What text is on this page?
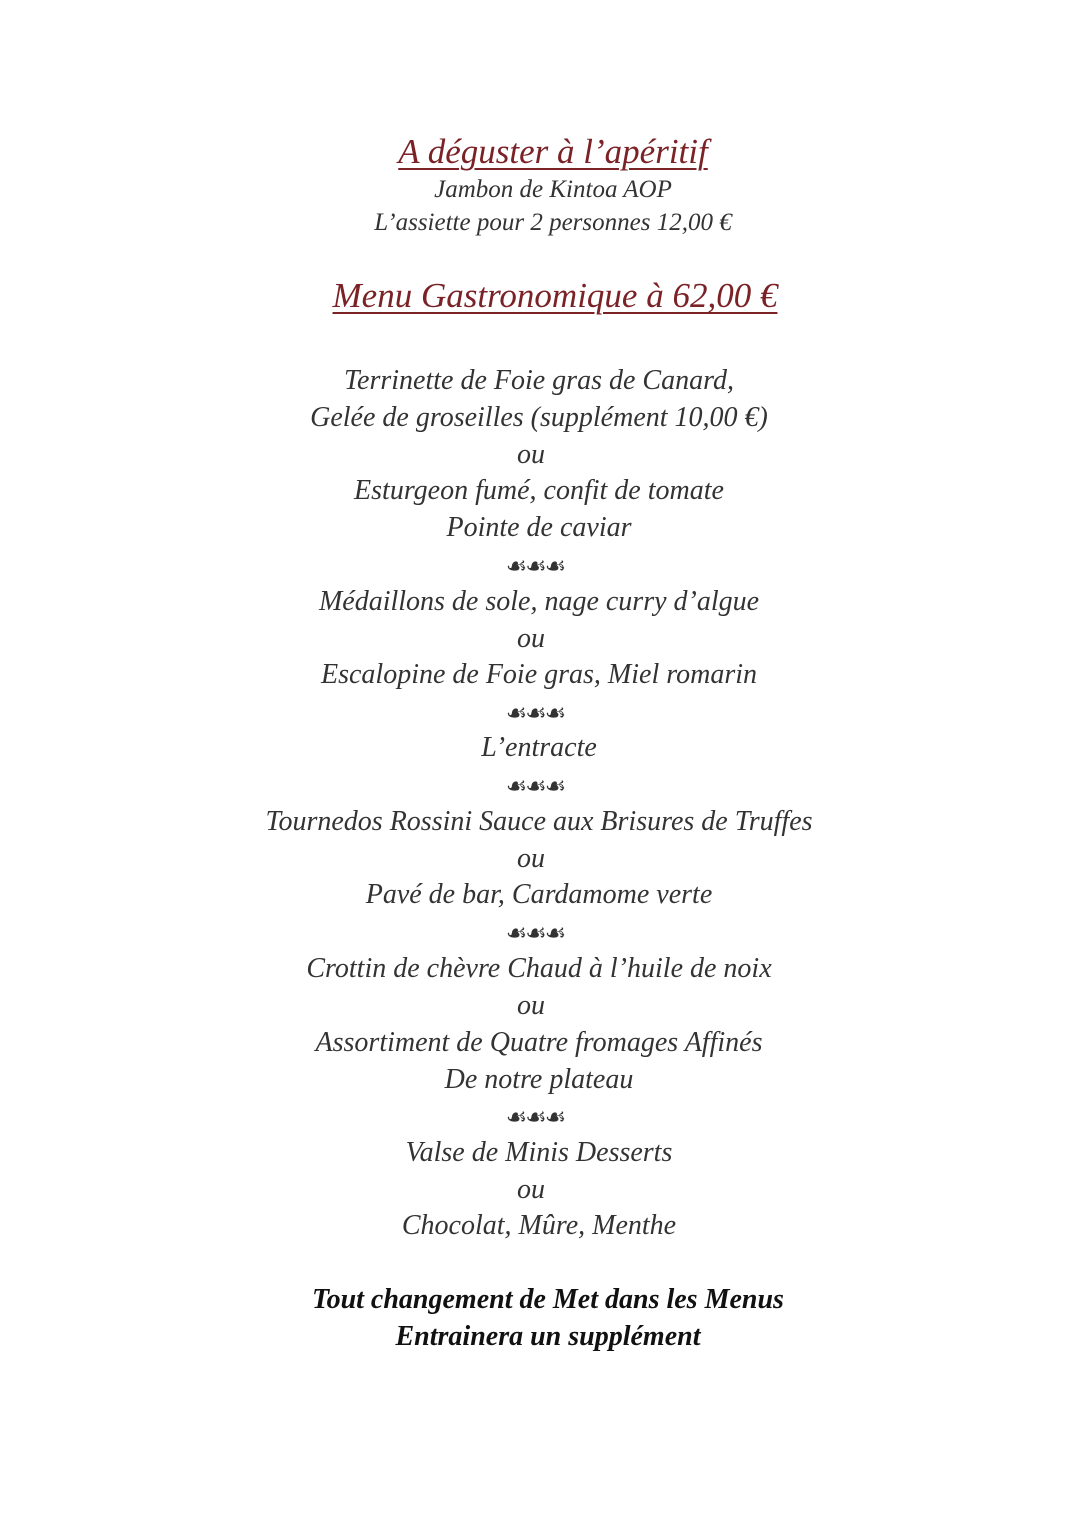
A déguster à l’apéritif
Jambon de Kintoa AOP
L’assiette pour 2 personnes 12,00 €
Menu Gastronomique à 62,00 €
Terrinette de Foie gras de Canard,
Gelée de groseilles (supplément 10,00 €)
ou
Esturgeon fumé, confit de tomate
Pointe de caviar
☙☙☙
Médaillons de sole, nage curry d’algue
ou
Escalopine de Foie gras, Miel romarin
☙☙☙
L’entracte
☙☙☙
Tournedos Rossini Sauce aux Brisures de Truffes
ou
Pavé de bar, Cardamome verte
☙☙☙
Crottin de chèvre Chaud à l’huile de noix
ou
Assortiment de Quatre fromages Affinés
De notre plateau
☙☙☙
Valse de Minis Desserts
ou
Chocolat, Mûre, Menthe
Tout changement de Met dans les Menus
Entrainera un supplément
